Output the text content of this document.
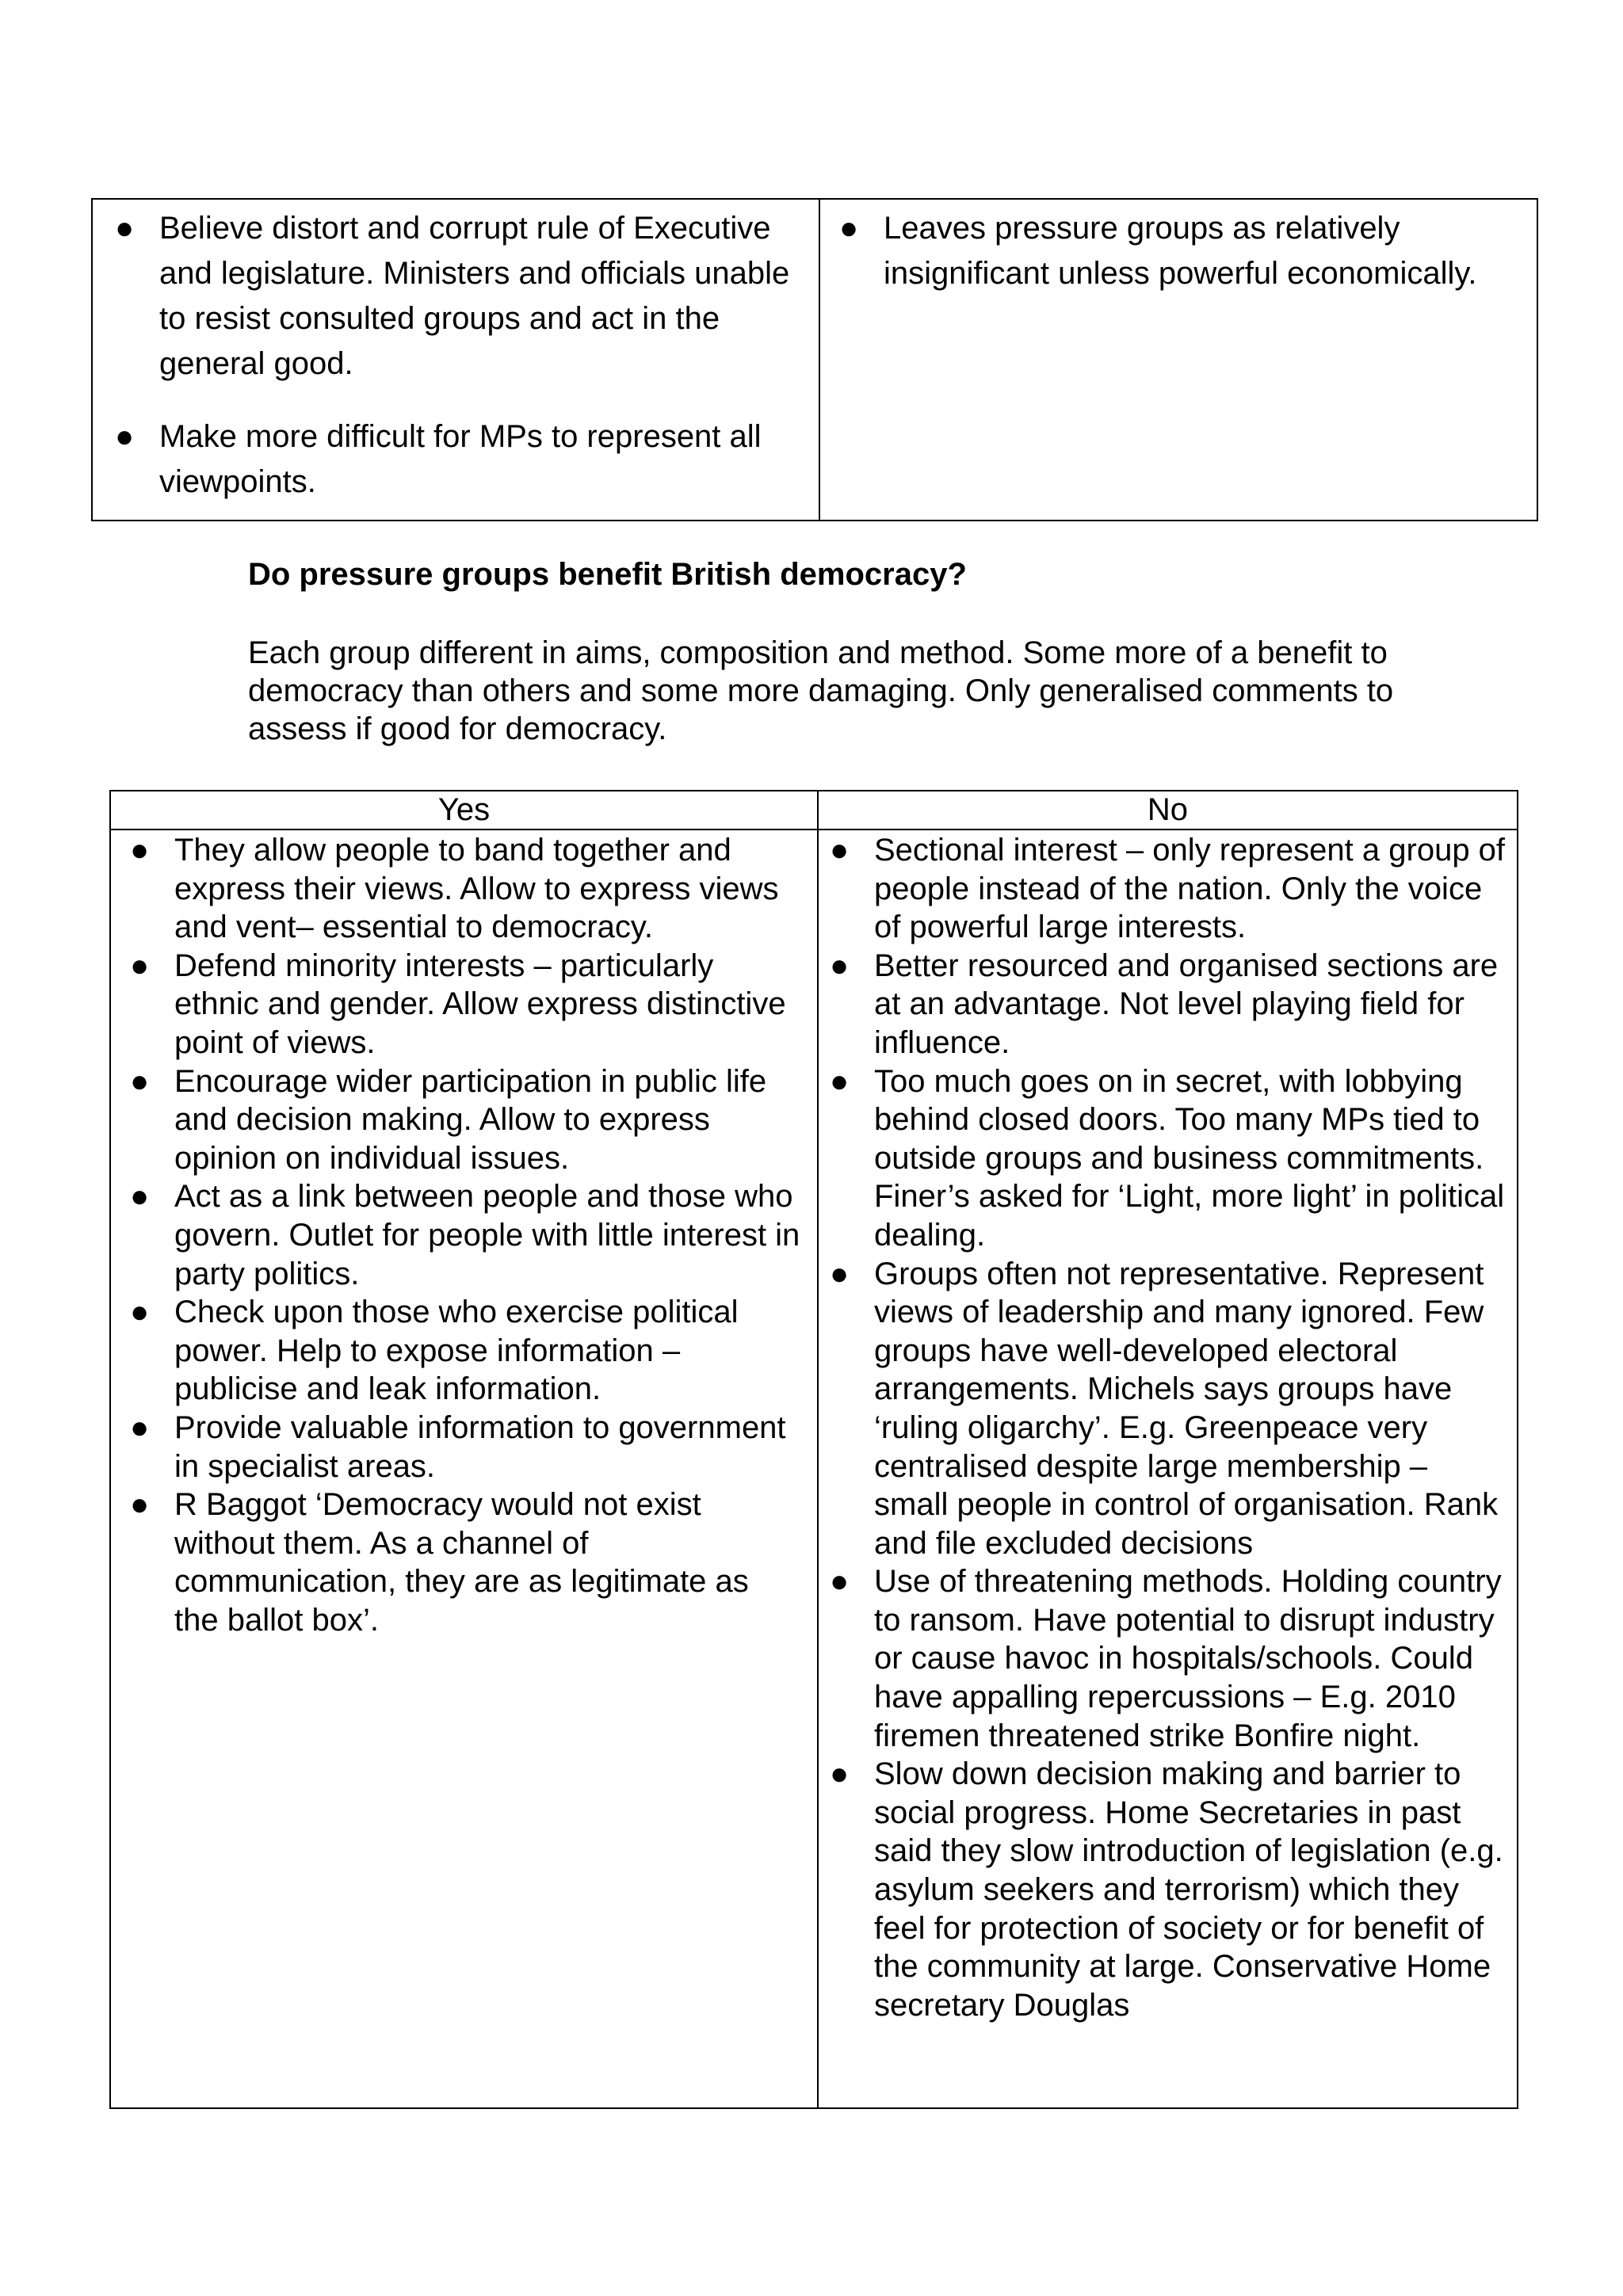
● Believe distort and corrupt rule of Executive and legislature. Ministers and officials unable to resist consulted groups and act in the general good.
● Make more difficult for MPs to represent all viewpoints.
● Leaves pressure groups as relatively insignificant unless powerful economically.

Do pressure groups benefit British democracy?

Each group different in aims, composition and method. Some more of a benefit to democracy than others and some more damaging. Only generalised comments to assess if good for democracy.

Yes	No
● They allow people to band together and express their views. Allow to express views and vent– essential to democracy.
● Defend minority interests – particularly ethnic and gender. Allow express distinctive point of views.
● Encourage wider participation in public life and decision making. Allow to express opinion on individual issues.
● Act as a link between people and those who govern. Outlet for people with little interest in party politics.
● Check upon those who exercise political power. Help to expose information – publicise and leak information.
● Provide valuable information to government in specialist areas.
● R Baggot ‘Democracy would not exist without them. As a channel of communication, they are as legitimate as the ballot box’.
● Sectional interest – only represent a group of people instead of the nation. Only the voice of powerful large interests.
● Better resourced and organised sections are at an advantage. Not level playing field for influence.
● Too much goes on in secret, with lobbying behind closed doors. Too many MPs tied to outside groups and business commitments. Finer’s asked for ‘Light, more light’ in political dealing.
● Groups often not representative. Represent views of leadership and many ignored. Few groups have well-developed electoral arrangements. Michels says groups have ‘ruling oligarchy’. E.g. Greenpeace very centralised despite large membership – small people in control of organisation. Rank and file excluded decisions
● Use of threatening methods. Holding country to ransom. Have potential to disrupt industry or cause havoc in hospitals/schools. Could have appalling repercussions – E.g. 2010 firemen threatened strike Bonfire night.
● Slow down decision making and barrier to social progress. Home Secretaries in past said they slow introduction of legislation (e.g. asylum seekers and terrorism) which they feel for protection of society or for benefit of the community at large. Conservative Home secretary Douglas
